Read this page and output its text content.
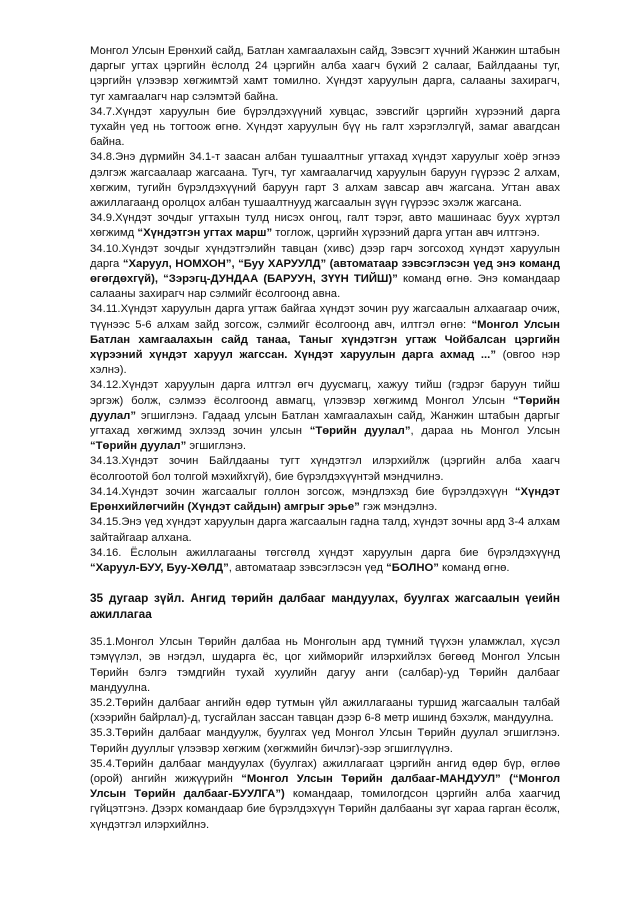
Монгол Улсын Ерөнхий сайд, Батлан хамгаалахын сайд, Зэвсэгт хүчний Жанжин штабын даргыг угтах цэргийн ёслолд 24 цэргийн алба хаагч бүхий 2 салааг, Байлдааны туг, цэргийн үлээвэр хөгжимтэй хамт томилно. Хүндэт харуулын дарга, салааны захирагч, туг хамгаалагч нар сэлэмтэй байна.

34.7.Хүндэт харуулын бие бүрэлдэхүүний хувцас, зэвсгийг цэргийн хүрээний дарга тухайн үед нь тогтоож өгнө. Хүндэт харуулын бүү нь галт хэрэглэлгүй, замаг авагдсан байна.

34.8.Энэ дүрмийн 34.1-т заасан албан тушаалтныг угтахад хүндэт харуулыг хоёр эгнээ дэлгэж жагсаалаар жагсаана. Тугч, туг хамгаалагчид харуулын баруун гүүрээс 2 алхам, хөгжим, тугийн бүрэлдэхүүний баруун гарт 3 алхам завсар авч жагсана. Угтан авах ажиллагаанд оролцох албан тушаалтнууд жагсаалын зүүн гүүрээс эхэлж жагсана.

34.9.Хүндэт зочдыг угтахын тулд нисэх онгоц, галт тэрэг, авто машинаас буух хүртэл хөгжимд “Хүндэтгэн угтах марш” тоглож, цэргийн хүрээний дарга угтан авч илтгэнэ.

34.10.Хүндэт зочдыг хүндэтгэлийн тавцан (хивс) дээр гарч зогсоход хүндэт харуулын дарга “Харуул, НОМХОН”, “Буу ХАРУУЛД” (автоматаар зэвсэглэсэн үед энэ команд өгөгдөхгүй), “Зэрэгц-ДУНДАА (БАРУУН, ЗҮҮН ТИЙШ)” команд өгнө. Энэ командаар салааны захирагч нар сэлмийг ёсолгоонд авна.

34.11.Хүндэт харуулын дарга угтаж байгаа хүндэт зочин руу жагсаалын алхаагаар очиж, түүнээс 5-6 алхам зайд зогсож, сэлмийг ёсолгоонд авч, илтгэл өгнө: “Монгол Улсын Батлан хамгаалахын сайд танаа, Таныг хүндэтгэн угтаж Чойбалсан цэргийн хүрээний хүндэт харуул жагссан. Хүндэт харуулын дарга ахмад ...” (овгоо нэр хэлнэ).

34.12.Хүндэт харуулын дарга илтгэл өгч дуусмагц, хажуу тийш (гэдрэг баруун тийш эргэж) болж, сэлмээ ёсолгоонд авмагц, үлээвэр хөгжимд Монгол Улсын “Төрийн дуулал” эгшиглэнэ. Гадаад улсын Батлан хамгаалахын сайд, Жанжин штабын даргыг угтахад хөгжимд эхлээд зочин улсын “Төрийн дуулал”, дараа нь Монгол Улсын “Төрийн дуулал” эгшиглэнэ.

34.13.Хүндэт зочин Байлдааны тугт хүндэтгэл илэрхийлж (цэргийн алба хаагч ёсолгоотой бол толгой мэхийхгүй), бие бүрэлдэхүүнтэй мэндчилнэ.

34.14.Хүндэт зочин жагсаалыг голлон зогсож, мэндлэхэд бие бүрэлдэхүүн “Хүндэт Ерөнхийлөгчийн (Хүндэт сайдын) амгрыг эрье” гэж мэндэлнэ.

34.15.Энэ үед хүндэт харуулын дарга жагсаалын гадна талд, хүндэт зочны ард 3-4 алхам зайтайгаар алхана.

34.16. Ёслолын ажиллагааны төгсгөлд хүндэт харуулын дарга бие бүрэлдэхүүнд “Харуул-БУУ, Буу-ХӨЛД”, автоматаар зэвсэглэсэн үед “БОЛНО” команд өгнө.

35 дугаар зүйл. Ангид төрийн далбааг мандуулах, буулгах жагсаалын үеийн ажиллагаа

35.1.Монгол Улсын Төрийн далбаа нь Монголын ард түмний түүхэн уламжлал, хүсэл тэмүүлэл, эв нэгдэл, шударга ёс, цог хийморийг илэрхийлэх бөгөөд Монгол Улсын Төрийн бэлгэ тэмдгийн тухай хуулийн дагуу анги (салбар)-уд Төрийн далбааг мандуулна.

35.2.Төрийн далбааг ангийн өдөр тутмын үйл ажиллагааны туршид жагсаалын талбай (хээрийн байрлал)-д, тусгайлан зассан тавцан дээр 6-8 метр ишинд бэхэлж, мандуулна.

35.3.Төрийн далбааг мандуулж, буулгах үед Монгол Улсын Төрийн дуулал эгшиглэнэ. Төрийн дууллыг үлээвэр хөгжим (хөгжмийн бичлэг)-ээр эгшиглүүлнэ.

35.4.Төрийн далбааг мандуулах (буулгах) ажиллагаат цэргийн ангид өдөр бүр, өглөө (орой) ангийн жижүүрийн “Монгол Улсын Төрийн далбааг-МАНДУУЛ” (“Монгол Улсын Төрийн далбааг-БУУЛГА”) командаар, томилогдсон цэргийн алба хаагчид гүйцэтгэнэ. Дээрх командаар бие бүрэлдэхүүн Төрийн далбааны зүг хараа гарган ёсолж, хүндэтгэл илэрхийлнэ.
